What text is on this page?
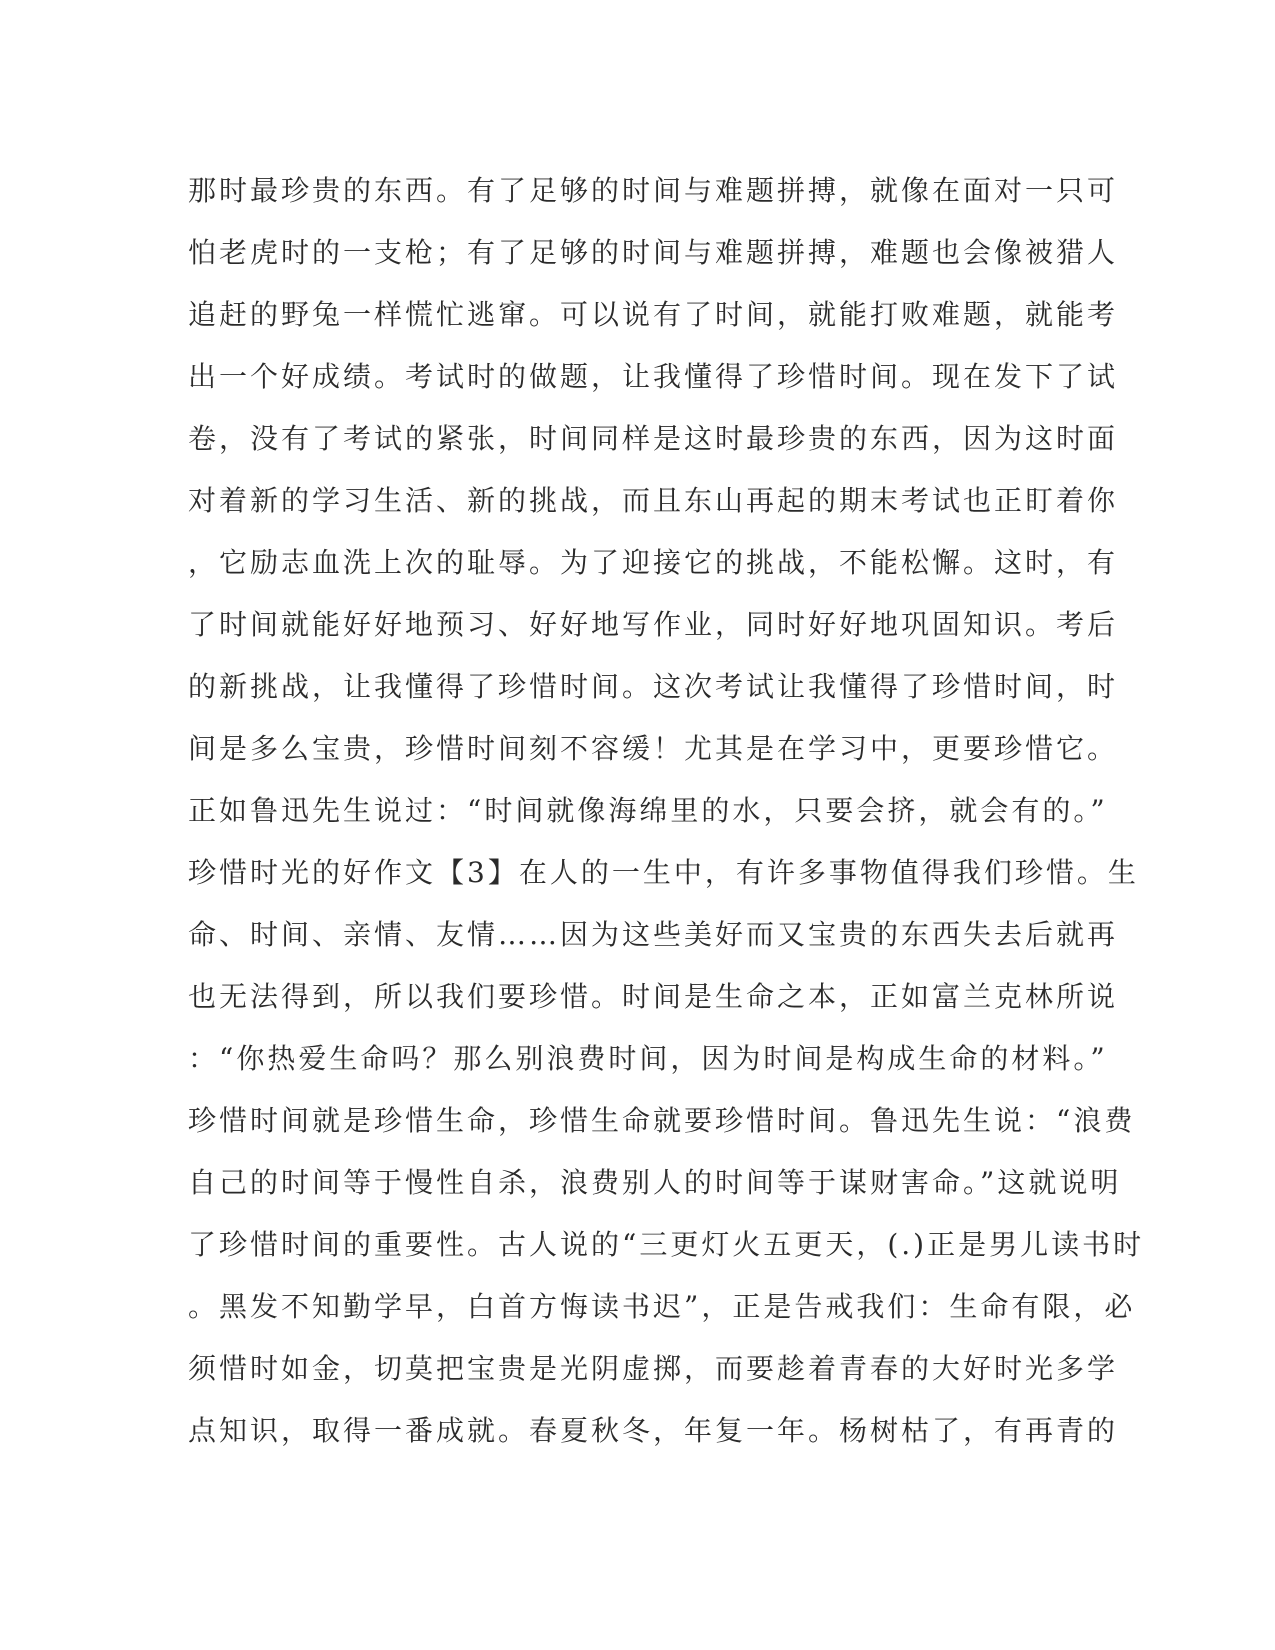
那时最珍贵的东西。有了足够的时间与难题拼搏，就像在面对一只可
怕老虎时的一支枪；有了足够的时间与难题拼搏，难题也会像被猎人
追赶的野兔一样慌忙逃窜。可以说有了时间，就能打败难题，就能考
出一个好成绩。考试时的做题，让我懂得了珍惜时间。现在发下了试
卷，没有了考试的紧张，时间同样是这时最珍贵的东西，因为这时面
对着新的学习生活、新的挑战，而且东山再起的期末考试也正盯着你
，它励志血洗上次的耻辱。为了迎接它的挑战，不能松懈。这时，有
了时间就能好好地预习、好好地写作业，同时好好地巩固知识。考后
的新挑战，让我懂得了珍惜时间。这次考试让我懂得了珍惜时间，时
间是多么宝贵，珍惜时间刻不容缓！尤其是在学习中，更要珍惜它。
正如鲁迅先生说过：“时间就像海绵里的水，只要会挤，就会有的。”
珍惜时光的好作文【3】在人的一生中，有许多事物值得我们珍惜。生
命、时间、亲情、友情……因为这些美好而又宝贵的东西失去后就再
也无法得到，所以我们要珍惜。时间是生命之本，正如富兰克林所说
：“你热爱生命吗？那么别浪费时间，因为时间是构成生命的材料。”
珍惜时间就是珍惜生命，珍惜生命就要珍惜时间。鲁迅先生说：“浪费
自己的时间等于慢性自杀，浪费别人的时间等于谋财害命。”这就说明
了珍惜时间的重要性。古人说的“三更灯火五更天，(.)正是男儿读书时
。黑发不知勤学早，白首方悔读书迟”，正是告戒我们：生命有限，必
须惜时如金，切莫把宝贵是光阴虚掷，而要趁着青春的大好时光多学
点知识，取得一番成就。春夏秋冬，年复一年。杨树枯了，有再青的
